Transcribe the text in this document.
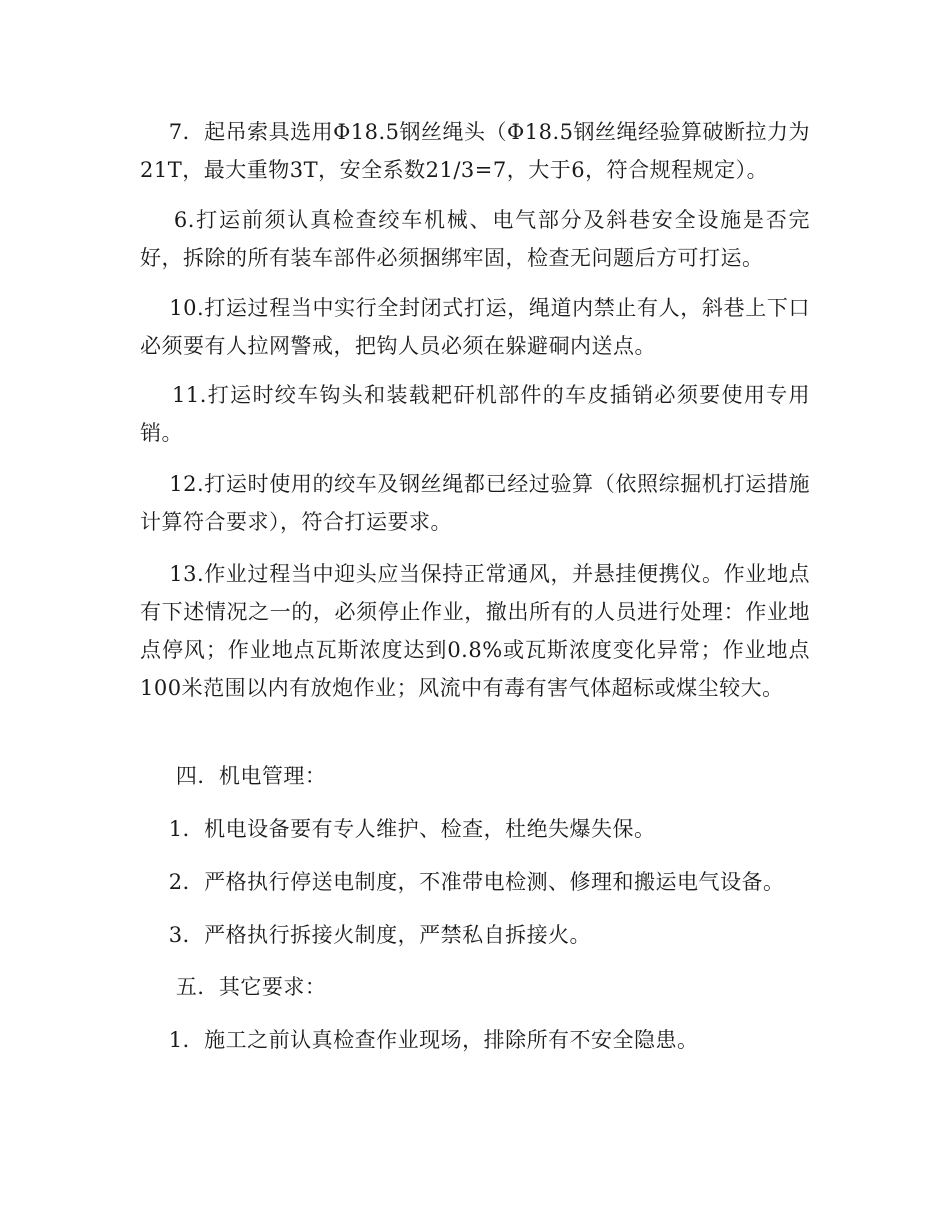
7．起吊索具选用Φ18.5钢丝绳头（Φ18.5钢丝绳经验算破断拉力为21T，最大重物3T，安全系数21/3=7，大于6，符合规程规定）。

6.打运前须认真检查绞车机械、电气部分及斜巷安全设施是否完好，拆除的所有装车部件必须捆绑牢固，检查无问题后方可打运。

10.打运过程当中实行全封闭式打运，绳道内禁止有人，斜巷上下口必须要有人拉网警戒，把钩人员必须在躲避硐内送点。

11.打运时绞车钩头和装载耙矸机部件的车皮插销必须要使用专用销。

12.打运时使用的绞车及钢丝绳都已经过验算（依照综掘机打运措施计算符合要求），符合打运要求。

13.作业过程当中迎头应当保持正常通风，并悬挂便携仪。作业地点有下述情况之一的，必须停止作业，撤出所有的人员进行处理：作业地点停风；作业地点瓦斯浓度达到0.8%或瓦斯浓度变化异常；作业地点100米范围以内有放炮作业；风流中有毒有害气体超标或煤尘较大。

四．机电管理：

1．机电设备要有专人维护、检查，杜绝失爆失保。

2．严格执行停送电制度，不准带电检测、修理和搬运电气设备。

3．严格执行拆接火制度，严禁私自拆接火。

五．其它要求：

1．施工之前认真检查作业现场，排除所有不安全隐患。
